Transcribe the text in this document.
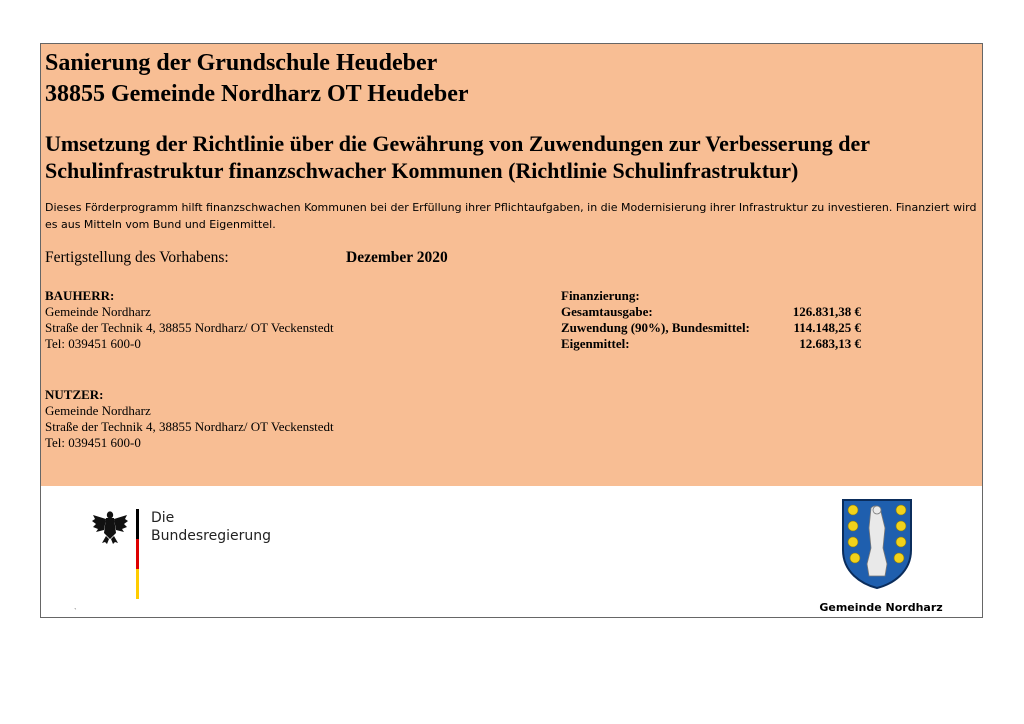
Sanierung der Grundschule Heudeber
38855 Gemeinde Nordharz OT Heudeber
Umsetzung der Richtlinie über die Gewährung von Zuwendungen zur Verbesserung der Schulinfrastruktur finanzschwacher Kommunen (Richtlinie Schulinfrastruktur)

Dieses Förderprogramm hilft finanzschwachen Kommunen bei der Erfüllung ihrer Pflichtaufgaben, in die Modernisierung ihrer Infrastruktur zu investieren. Finanziert wird es aus Mitteln vom Bund und Eigenmittel.

Fertigstellung des Vorhabens:	Dezember 2020
BAUHERR:
Gemeinde Nordharz
Straße der Technik 4, 38855 Nordharz/ OT Veckenstedt
Tel: 039451 600-0
NUTZER:
Gemeinde Nordharz
Straße der Technik 4, 38855 Nordharz/ OT Veckenstedt
Tel: 039451 600-0
Finanzierung:
Gesamtausgabe:	126.831,38 €
Zuwendung (90%), Bundesmittel:	114.148,25 €
Eigenmittel:	12.683,13 €
Die
Bundesregierung
Gemeinde Nordharz
ˋ
